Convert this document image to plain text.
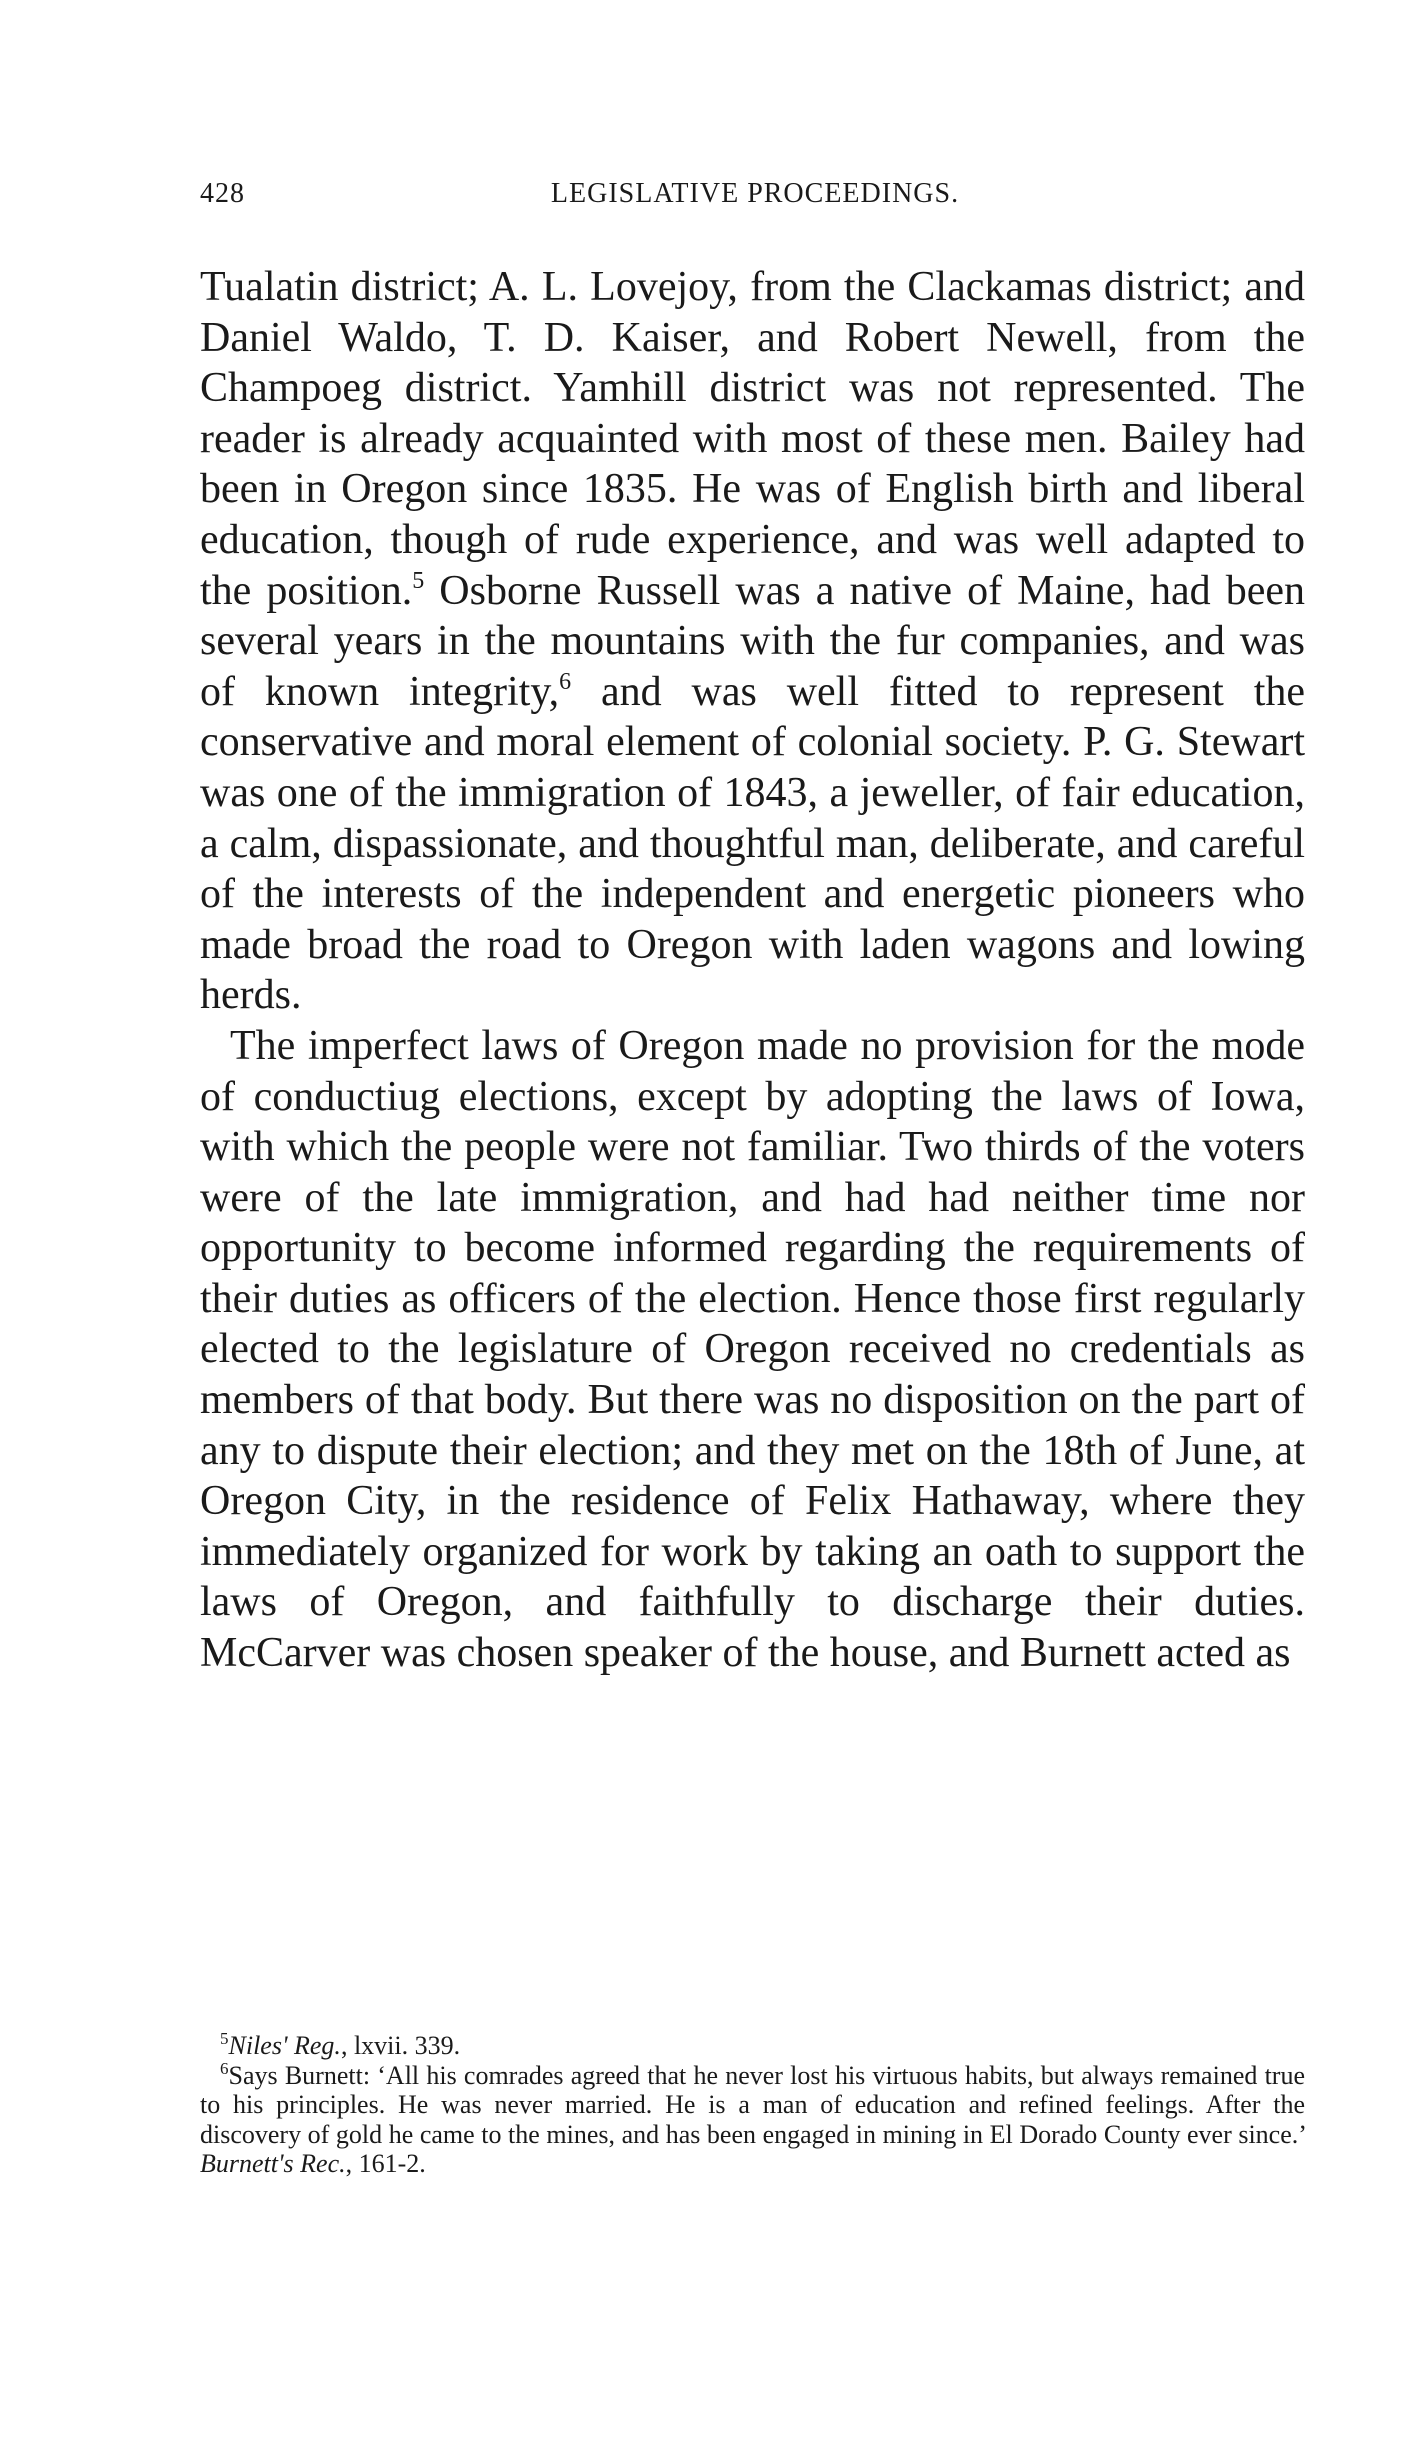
428	LEGISLATIVE PROCEEDINGS.

Tualatin district; A. L. Lovejoy, from the Clackamas district; and Daniel Waldo, T. D. Kaiser, and Robert Newell, from the Champoeg district. Yamhill district was not represented. The reader is already acquainted with most of these men. Bailey had been in Oregon since 1835. He was of English birth and liberal education, though of rude experience, and was well adapted to the position.$^5$ Osborne Russell was a native of Maine, had been several years in the mountains with the fur companies, and was of known integrity,$^6$ and was well fitted to represent the conservative and moral element of colonial society. P. G. Stewart was one of the immigration of 1843, a jeweller, of fair education, a calm, dispassionate, and thoughtful man, deliberate, and careful of the interests of the independent and energetic pioneers who made broad the road to Oregon with laden wagons and lowing herds.

The imperfect laws of Oregon made no provision for the mode of conductiug elections, except by adopting the laws of Iowa, with which the people were not familiar. Two thirds of the voters were of the late immigration, and had had neither time nor opportunity to become informed regarding the requirements of their duties as officers of the election. Hence those first regularly elected to the legislature of Oregon received no credentials as members of that body. But there was no disposition on the part of any to dispute their election; and they met on the 18th of June, at Oregon City, in the residence of Felix Hathaway, where they immediately organized for work by taking an oath to support the laws of Oregon, and faithfully to discharge their duties. McCarver was chosen speaker of the house, and Burnett acted as

$^5$Niles' Reg., lxvii. 339.

$^6$Says Burnett: ‘All his comrades agreed that he never lost his virtuous habits, but always remained true to his principles. He was never married. He is a man of education and refined feelings. After the discovery of gold he came to the mines, and has been engaged in mining in El Dorado County ever since.’ Burnett's Rec., 161-2.
